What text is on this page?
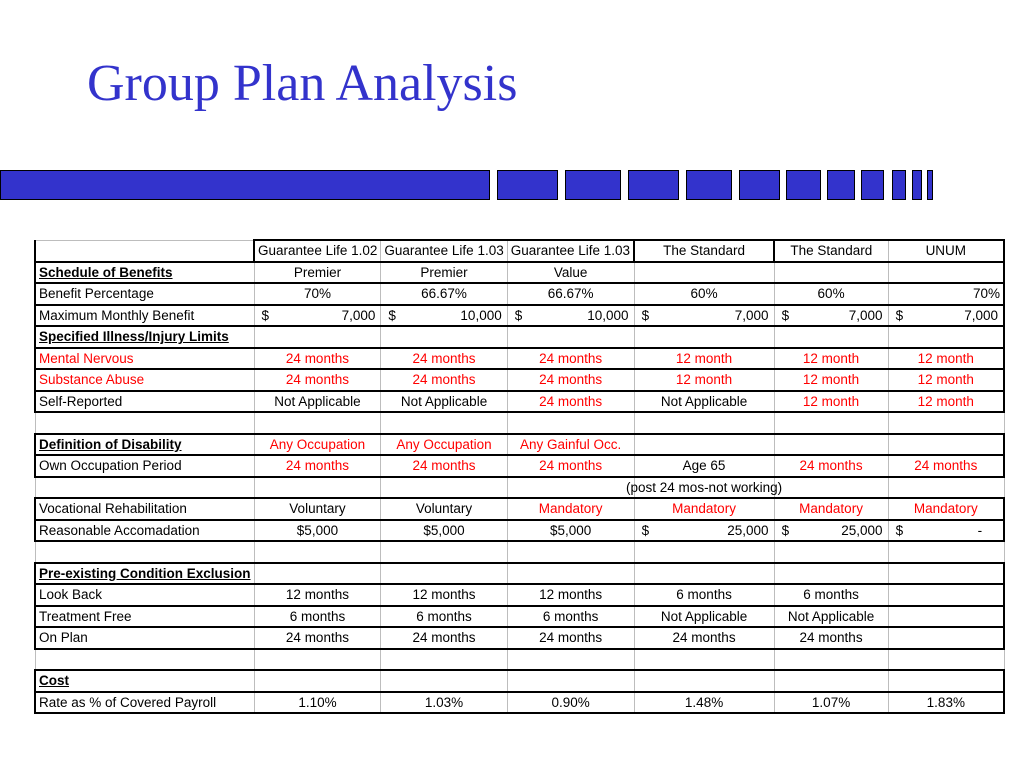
Group Plan Analysis
	Guarantee Life 1.02	Guarantee Life 1.03	Guarantee Life 1.03	The Standard	The Standard	UNUM
Schedule of Benefits	Premier	Premier	Value			
Benefit Percentage	70%	66.67%	66.67%	60%	60%	70%
Maximum Monthly Benefit	$ 7,000	$ 10,000	$ 10,000	$ 7,000	$ 7,000	$ 7,000

Specified Illness/Injury Limits						
Mental Nervous	24 months	24 months	24 months	12 month	12 month	12 month
Substance Abuse	24 months	24 months	24 months	12 month	12 month	12 month
Self-Reported	Not Applicable	Not Applicable	24 months	Not Applicable	12 month	12 month

Definition of Disability	Any Occupation	Any Occupation	Any Gainful Occ.			
Own Occupation Period	24 months	24 months	24 months	Age 65	24 months	24 months

				(post 24 mos-not working)		

Vocational Rehabilitation	Voluntary	Voluntary	Mandatory	Mandatory	Mandatory	Mandatory
Reasonable Accomadation	$5,000	$5,000	$5,000	$ 25,000	$ 25,000	$ -

Pre-existing Condition Exclusion						
Look Back	12 months	12 months	12 months	6 months	6 months	
Treatment Free	6 months	6 months	6 months	Not Applicable	Not Applicable	
On Plan	24 months	24 months	24 months	24 months	24 months	

Cost						
Rate as % of Covered Payroll	1.10%	1.03%	0.90%	1.48%	1.07%	1.83%
